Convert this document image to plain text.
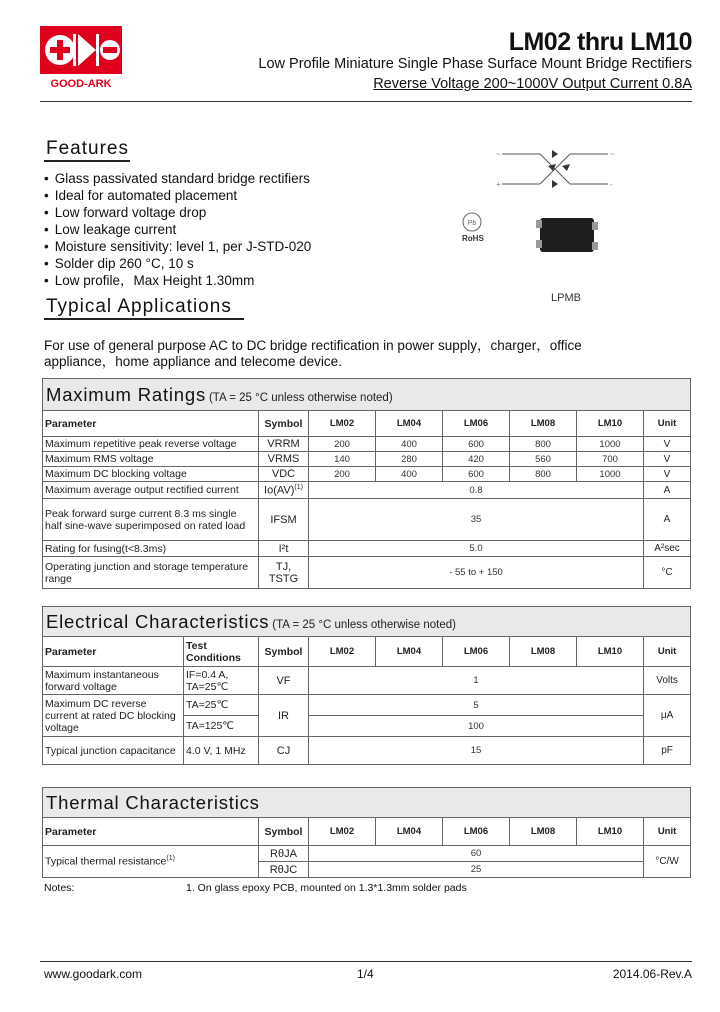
GOOD-ARK
LM02 thru LM10
Low Profile Miniature Single Phase Surface Mount Bridge Rectifiers
Reverse Voltage 200~1000V Output Current 0.8A
Features
• Glass passivated standard bridge rectifiers
• Ideal for automated placement
• Low forward voltage drop
• Low leakage current
• Moisture sensitivity: level 1, per J-STD-020
• Solder dip 260 °C, 10 s
• Low profile，Max Height 1.30mm
~
+
~
-
Pb
RoHS
LPMB
Typical Applications
For use of general purpose AC to DC bridge rectification in power supply，charger，office appliance，home appliance and telecome device.
Maximum Ratings (TA = 25 °C unless otherwise noted)							
Parameter	Symbol	LM02	LM04	LM06	LM08	LM10	Unit
Maximum repetitive peak reverse voltage	VRRM	200	400	600	800	1000	V
Maximum RMS voltage	VRMS	140	280	420	560	700	V
Maximum DC blocking voltage	VDC	200	400	600	800	1000	V
Maximum average output rectified current	Io(AV)$^{(1)}$	0.8					A
Peak forward surge current 8.3 ms single half sine-wave superimposed on rated load	IFSM	35					A
Rating for fusing(t<8.3ms)	I²t	5.0					A²sec
Operating junction and storage temperature range	TJ, TSTG	- 55 to + 150					°C
Electrical Characteristics (TA = 25 °C unless otherwise noted)								
Parameter	Test Conditions	Symbol	LM02	LM04	LM06	LM08	LM10	Unit
Maximum instantaneous forward voltage	IF=0.4 A, TA=25℃	VF	1					Volts
Maximum DC reverse current at rated DC blocking voltage	TA=25℃	IR	5					μA
	TA=125℃		100					
Typical junction capacitance	4.0 V, 1 MHz	CJ	15					pF
Thermal Characteristics							
Parameter	Symbol	LM02	LM04	LM06	LM08	LM10	Unit
Typical thermal resistance$^{(1)}$	RθJA	60					°C/W
	RθJC	25					
Notes:	1. On glass epoxy PCB, mounted on 1.3*1.3mm solder pads
www.goodark.com	1/4	2014.06-Rev.A
